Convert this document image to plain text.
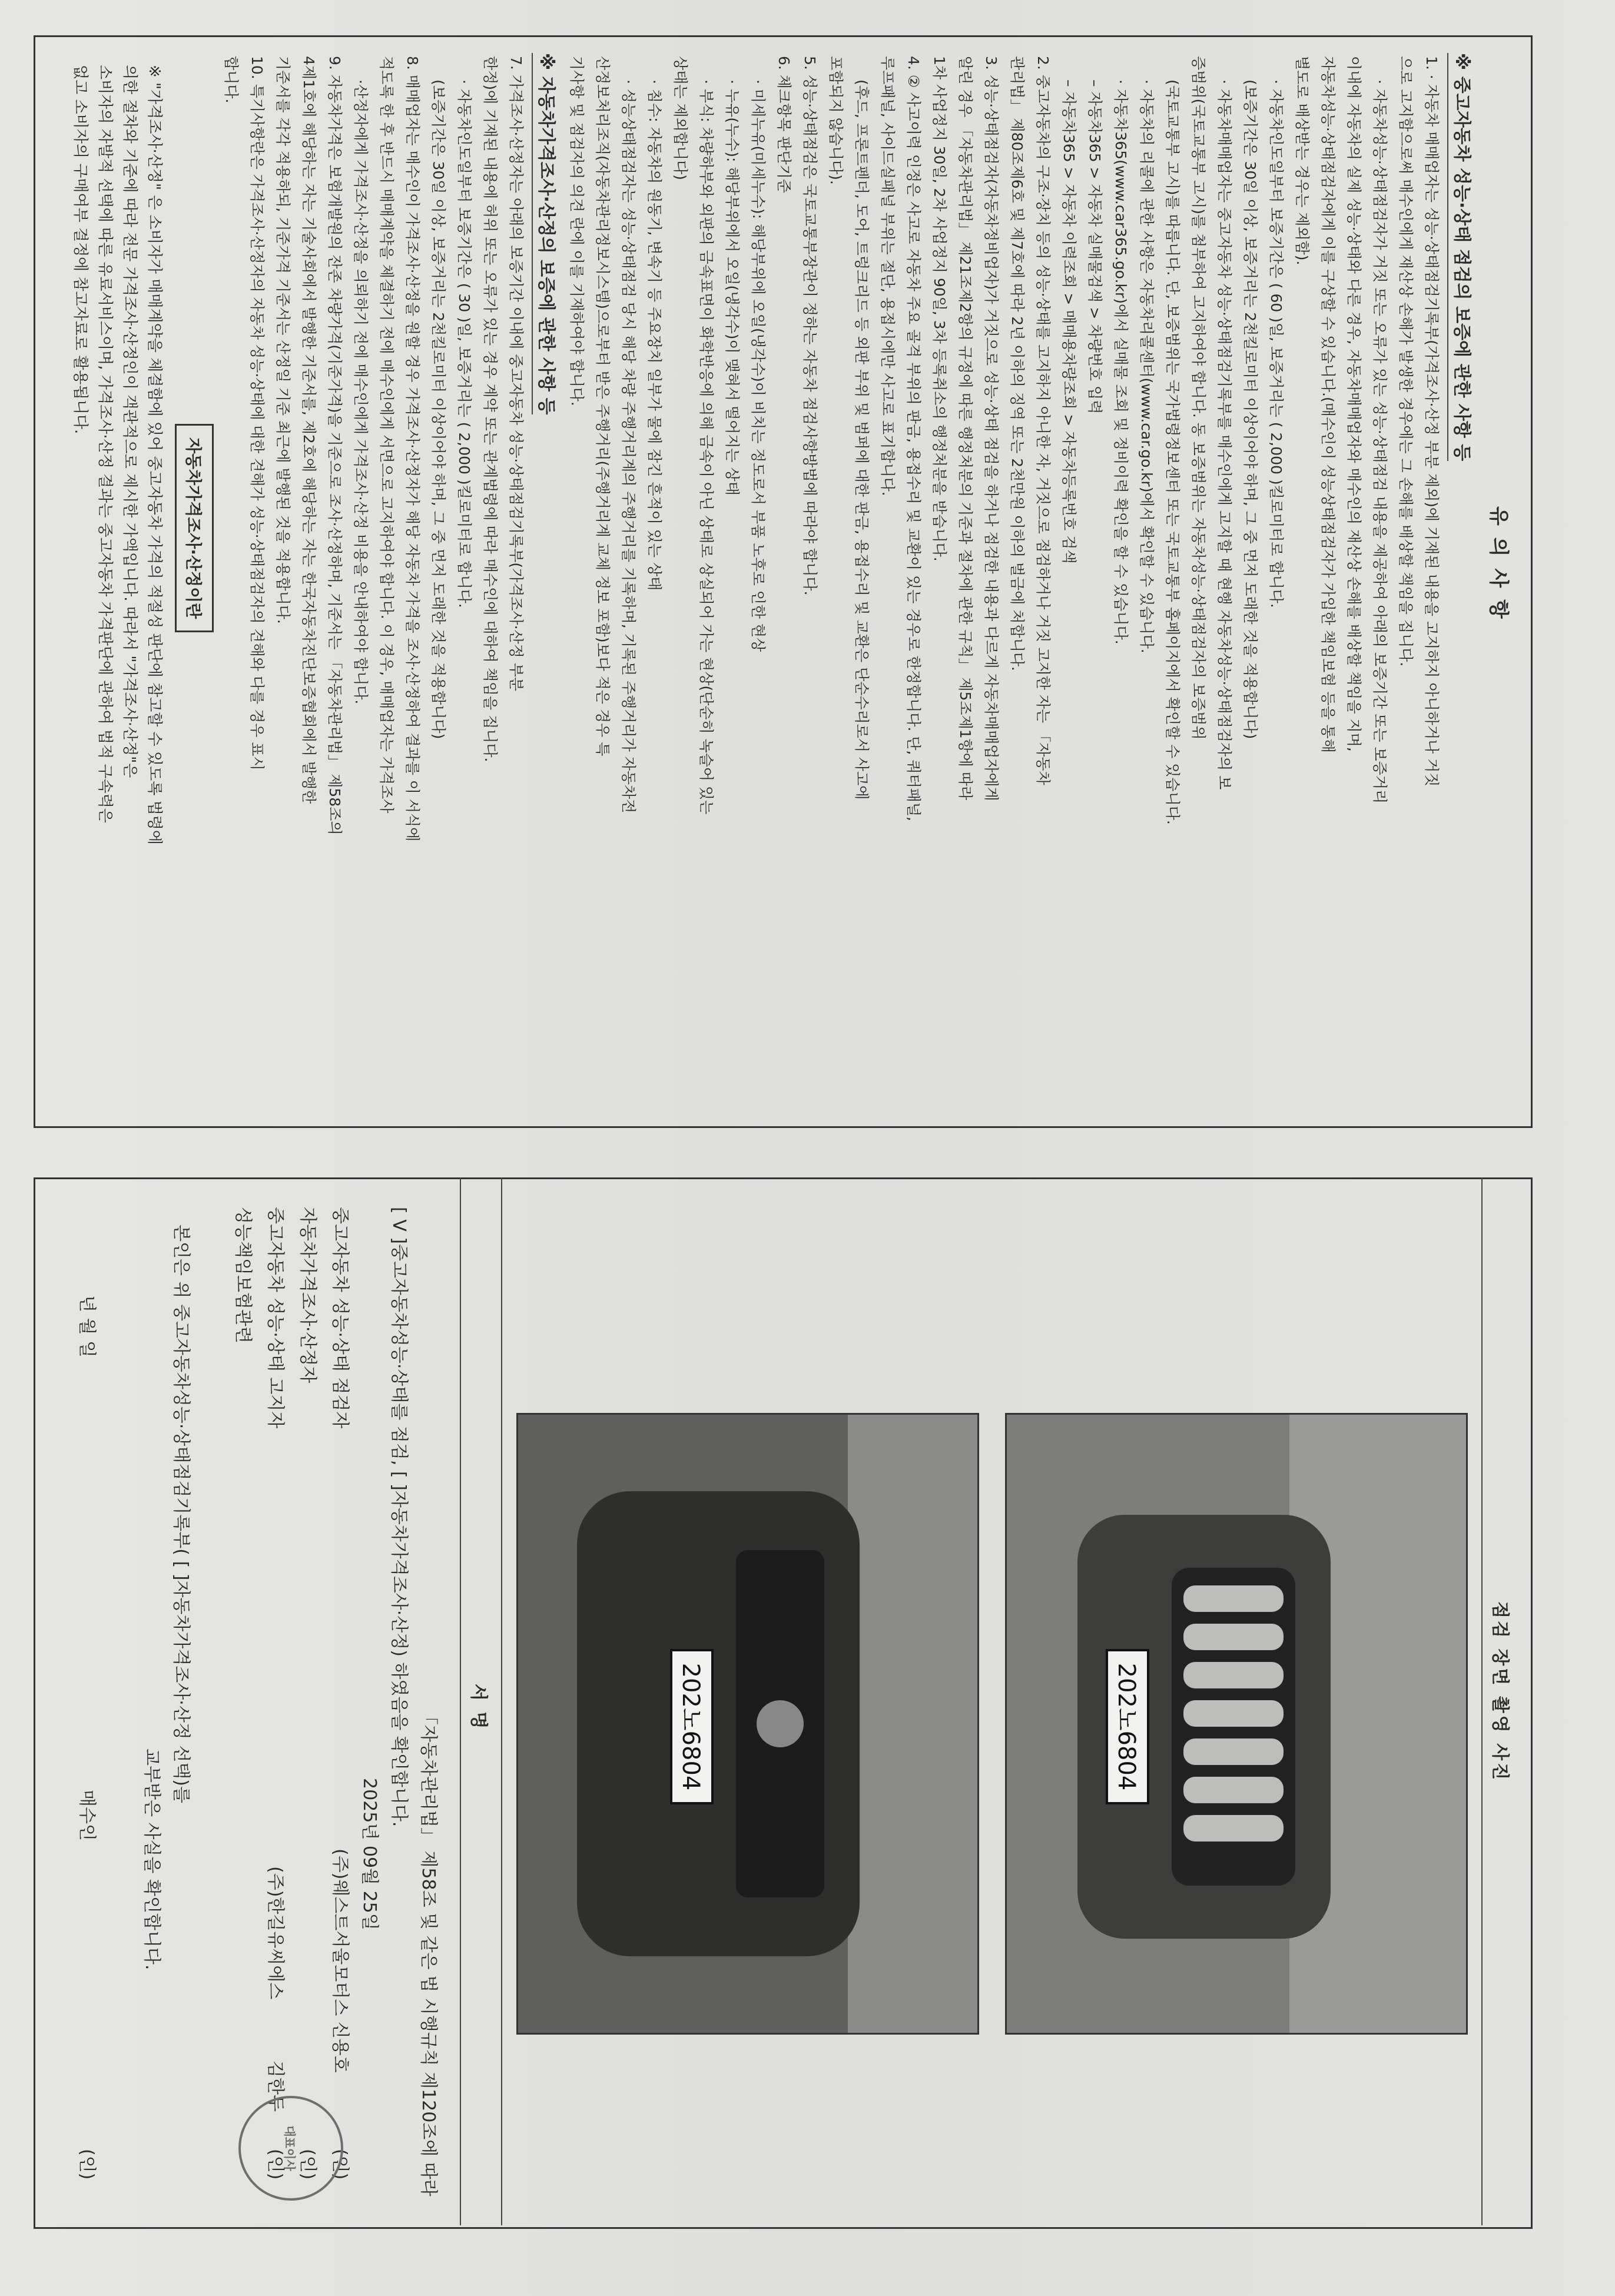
유 의 사 항
※ 중고자동차 성능·상태 점검의 보증에 관한 사항 등
1. · 자동차 매매업자는 성능·상태점검기록부(가격조사·산정 부분 제외)에 기재된 내용을 고지하지 아니하거나 거짓
으로 고지함으로써 매수인에게 재산상 손해가 발생한 경우에는 그 손해를 배상할 책임을 집니다.
· 자동차성능·상태점검자가 거짓 또는 오류가 있는 성능·상태점검 내용을 제공하여 아래의 보증기간 또는 보증거리
이내에 자동차의 실제 성능·상태와 다른 경우, 자동차매매업자와 매수인의 재산상 손해를 배상할 책임을 지며,
자동차성능·상태점검자에게 이를 구상할 수 있습니다.(매수인이 성능상태점검자가 가입한 책임보험 등을 통해
별도로 배상받는 경우는 제외함).
· 자동차인도일부터 보증기간은 ( 60 )일, 보증거리는 ( 2,000 )킬로미터로 합니다.
(보증기간은 30일 이상, 보증거리는 2천킬로미터 이상이어야 하며, 그 중 먼저 도래한 것을 적용합니다)
· 자동차매매업자는 중고자동차 성능·상태점검기록부를 매수인에게 고지할 때 현행 자동차성능·상태점검자의 보
증범위(국토교통부 고시)를 첨부하여 고지하여야 합니다. 동 보증범위는 자동차성능·상태점검자의 보증범위
(국토교통부 고시)를 따릅니다. 단, 보증범위는 국가법령정보센터 또는 국토교통부 홈페이지에서 확인할 수 있습니다.
· 자동차의 리콜에 관한 사항은 자동차리콜센터(www.car.go.kr)에서 확인할 수 있습니다.
· 자동차365(www.car365.go.kr)에서 실매물 조회 및 정비이력 확인을 할 수 있습니다.
– 자동차365 > 자동차 실매물검색 > 차량번호 입력
– 자동차365 > 자동차 이력조회 > 매매용차량조회 > 자동차등록번호 검색
2. 중고자동차의 구조·장치 등의 성능·상태를 고지하지 아니한 자, 거짓으로 점검하거나 거짓 고지한 자는 「자동차
관리법」 제80조제6호 및 제7호에 따라 2년 이하의 징역 또는 2천만원 이하의 벌금에 처합니다.
3. 성능·상태점검자(자동차정비업자)가 거짓으로 성능·상태 점검을 하거나 점검한 내용과 다르게 자동차매매업자에게
알린 경우 「자동차관리법」 제21조제2항의 규정에 따른 행정처분의 기준과 절차에 관한 규칙」 제5조제1항에 따라
1차 사업정지 30일, 2차 사업정지 90일, 3차 등록취소의 행정처분을 받습니다.
4. ② 사고이력 인정은 사고로 자동차 주요 골격 부위의 판금, 용접수리 및 교환이 있는 경우로 한정합니다. 단, 쿼터패널,
루프패널, 사이드실패널 부위는 절단, 용접시에만 사고로 표기합니다.
(후드, 프론트펜더, 도어, 트렁크리드 등 외판 부위 및 범퍼에 대한 판금, 용접수리 및 교환은 단순수리로서 사고에
포함되지 않습니다).
5. 성능·상태점검은 국토교통부장관이 정하는 자동차 점검사항방법에 따라야 합니다.
6. 체크항목 판단기준
· 미세누유(미세누수): 해당부위에 오일(냉각수)이 비치는 정도로서 부품 노후로 인한 현상
· 누유(누수): 해당부위에서 오일(냉각수)이 맺혀서 떨어지는 상태
· 부식: 차량하부와 외판의 금속표면이 화학반응에 의해 금속이 아닌 상태로 상실되어 가는 현상(단순히 녹슬어 있는
상태는 제외합니다)
· 침수: 자동차의 원동기, 변속기 등 주요장치 일부가 물에 잠긴 흔적이 있는 상태
· 성능상태점검자는 성능·상태점검 당시 해당 차량 주행거리계의 주행거리를 기록하며, 기록된 주행거리가 자동차전
산정보처리조직(자동차관리정보시스템)으로부터 받은 주행거리(주행거리계 교체 정보 포함)보다 적은 경우 특
기사항 및 점검자의 의견 란에 이를 기재하여야 합니다.
※ 자동차가격조사·산정의 보증에 관한 사항 등
7. 가격조사·산정자는 아래의 보증기간 이내에 중고자동차 성능·상태점검기록부(가격조사·산정 부분
한정)에 기재된 내용에 허위 또는 오류가 있는 경우 계약 또는 관계법령에 따라 매수인에 대하여 책임을 집니다.
· 자동차인도일부터 보증기간은 ( 30 )일, 보증거리는 ( 2,000 )킬로미터로 합니다.
(보증기간은 30일 이상, 보증거리는 2천킬로미터 이상이어야 하며, 그 중 먼저 도래한 것을 적용합니다)
8. 매매업자는 매수인이 가격조사·산정을 원할 경우 가격조사·산정자가 해당 자동차 가격을 조사·산정하여 결과를 이 서식에
적도록 한 후 반드시 매매계약을 체결하기 전에 매수인에게 서면으로 고지하여야 합니다. 이 경우, 매매업자는 가격조사
·산정자에게 가격조사·산정을 의뢰하기 전에 매수인에게 가격조사·산정 비용을 안내하여야 합니다.
9. 자동차가격은 보험개발원의 잔존 차량가격(기준가격)을 기준으로 조사·산정하며, 기준서는 「자동차관리법」 제58조의
4제1호에 해당하는 자는 기술사회에서 발행한 기준서를, 제2호에 해당하는 자는 한국자동차진단보증협회에서 발행한
기준서를 각각 적용하되, 기준가격 기준서는 산정일 기준 최근에 발행된 것을 적용합니다.
10. 특기사항란은 가격조사·산정자의 자동차 성능·상태에 대한 견해가 성능·상태점검자의 견해와 다를 경우 표시
합니다.
자동차가격조사·산정이란
※ "가격조사·산정" 은 소비자가 매매계약을 체결함에 있어 중고자동차 가격의 적절성 판단에 참고할 수 있도록 법령에
의한 절차와 기준에 따라 전문 가격조사·산정인이 객관적으로 제시한 가액입니다. 따라서 "가격조사·산정"은
소비자의 자발적 선택에 따른 유료서비스이며, 가격조사·산정 결과는 중고자동차 가격판단에 관하여 법적 구속력은
없고 소비자의 구매여부 결정에 참고자료로 활용됩니다.
점검 장면 촬영 사진
202노6804
202노6804
서 명
「자동차관리법」 제58조 및 같은 법 시행규칙 제120조에 따라
[ V ]중고자동차성능·상태를 점검, [ ]자동차가격조사·산정) 하였음을 확인합니다.
2025년 09월 25일
중고자동차 성능·상태 점검자
(주)웨스트서울모터스 신용호
(인)
자동차가격조사·산정자
(인)
중고자동차 성능·상태 고지자
(주)한길유씨에스
김한두
(인)
성능책임보험관련
대표이사
본인은 위 중고자동차성능·상태점검기록부( [ ]자동차가격조사·산정 선택)를
교부받은 사실을 확인합니다.
년 월 일
매수인
(인)
